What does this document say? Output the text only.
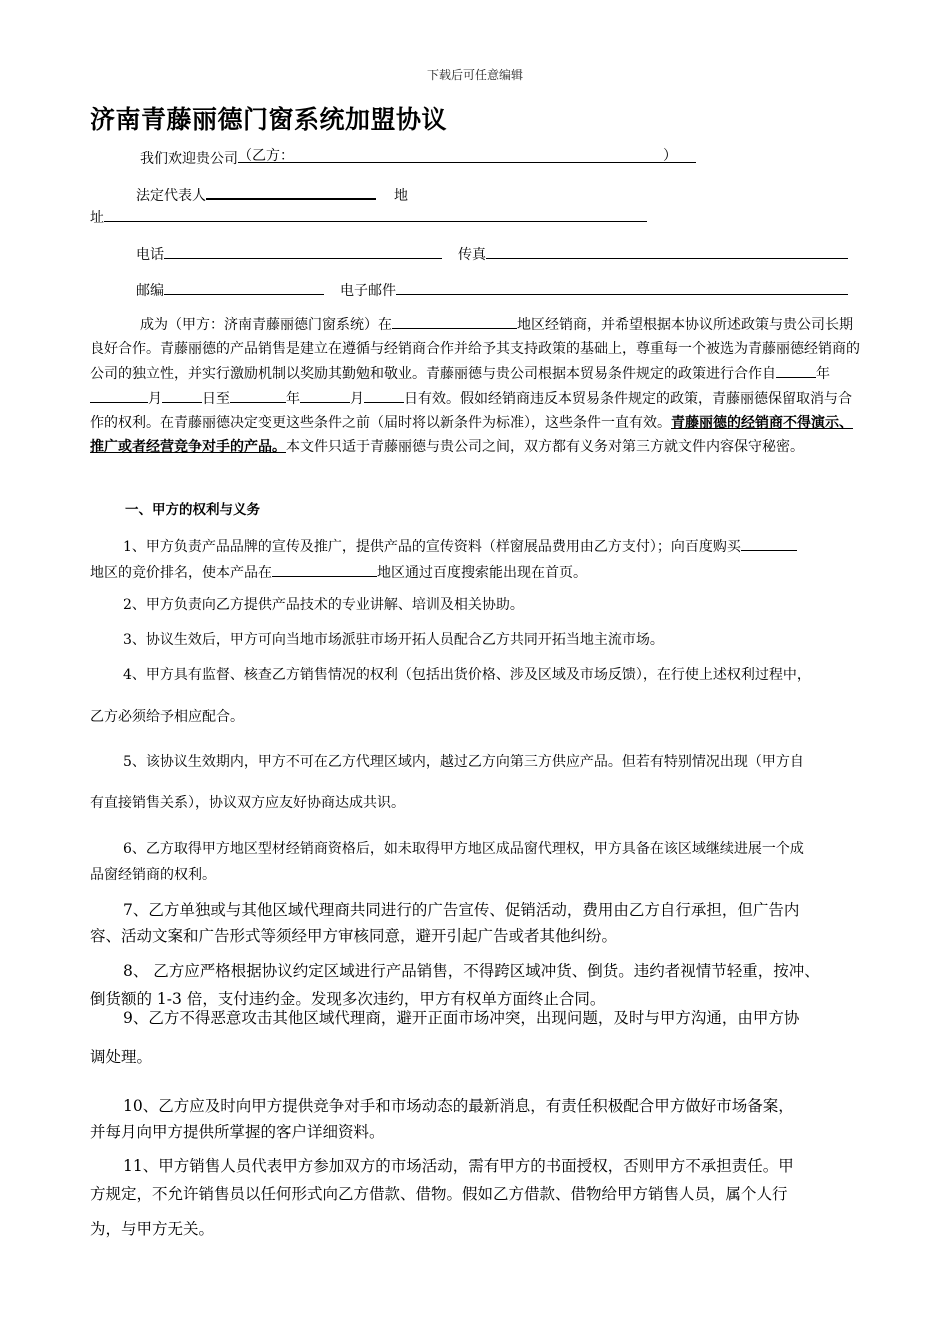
下载后可任意编辑
济南青藤丽德门窗系统加盟协议
我们欢迎贵公司 （乙方：	）
法定代表人	地
址
电话	传真
邮编	电子邮件

成为（甲方：济南青藤丽德门窗系统）在	地区经销商，并希望根据本协议所述政策与贵公司长期良好合作。青藤丽德的产品销售是建立在遵循与经销商合作并给予其支持政策的基础上，尊重每一个被选为青藤丽德经销商的公司的独立性，并实行激励机制以奖励其勤勉和敬业。青藤丽德与贵公司根据本贸易条件规定的政策进行合作自	年月	日至	年	月	日有效。假如经销商违反本贸易条件规定的政策，青藤丽德保留取消与合作的权利。在青藤丽德决定变更这些条件之前（届时将以新条件为标准），这些条件一直有效。青藤丽德的经销商不得演示、推广或者经营竞争对手的产品。本文件只适于青藤丽德与贵公司之间，双方都有义务对第三方就文件内容保守秘密。

一、甲方的权利与义务
1、甲方负责产品品牌的宣传及推广，提供产品的宣传资料（样窗展品费用由乙方支付）；向百度购买
地区的竞价排名，使本产品在	地区通过百度搜索能出现在首页。
2、甲方负责向乙方提供产品技术的专业讲解、培训及相关协助。
3、协议生效后，甲方可向当地市场派驻市场开拓人员配合乙方共同开拓当地主流市场。
4、甲方具有监督、核查乙方销售情况的权利（包括出货价格、涉及区域及市场反馈），在行使上述权利过程中，
乙方必须给予相应配合。
5、该协议生效期内，甲方不可在乙方代理区域内，越过乙方向第三方供应产品。但若有特别情况出现（甲方自
有直接销售关系），协议双方应友好协商达成共识。
6、乙方取得甲方地区型材经销商资格后，如未取得甲方地区成品窗代理权，甲方具备在该区域继续进展一个成
品窗经销商的权利。
7、乙方单独或与其他区域代理商共同进行的广告宣传、促销活动，费用由乙方自行承担，但广告内
容、活动文案和广告形式等须经甲方审核同意，避开引起广告或者其他纠纷。
8、 乙方应严格根据协议约定区域进行产品销售，不得跨区域冲货、倒货。违约者视情节轻重，按冲、
倒货额的 1-3 倍，支付违约金。发现多次违约，甲方有权单方面终止合同。
9、乙方不得恶意攻击其他区域代理商，避开正面市场冲突，出现问题，及时与甲方沟通，由甲方协
调处理。
10、乙方应及时向甲方提供竞争对手和市场动态的最新消息，有责任积极配合甲方做好市场备案，
并每月向甲方提供所掌握的客户详细资料。
11、甲方销售人员代表甲方参加双方的市场活动，需有甲方的书面授权，否则甲方不承担责任。甲
方规定，不允许销售员以任何形式向乙方借款、借物。假如乙方借款、借物给甲方销售人员，属个人行
为，与甲方无关。
